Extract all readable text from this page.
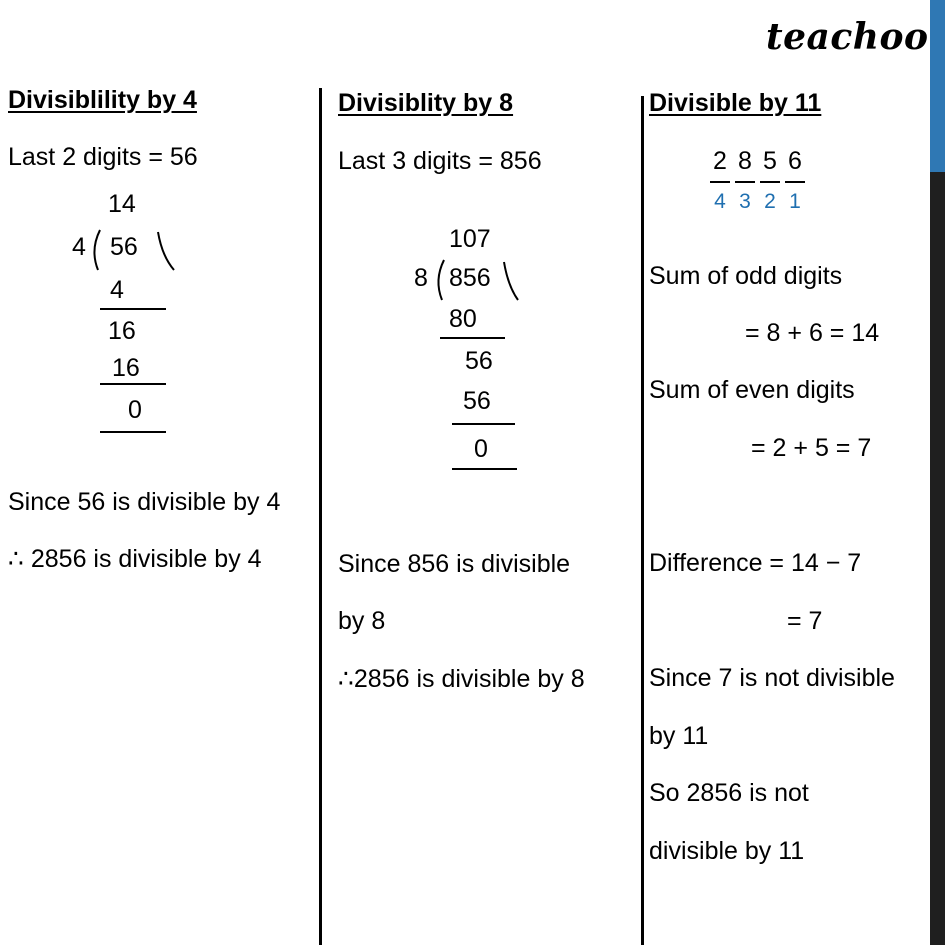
teachoo
Divisiblility by 4
Last 2 digits = 56
14
4 56
4
16
16
0
Since 56 is divisible by 4
∴ 2856 is divisible by 4
Divisiblity by 8
Last 3 digits = 856
107
8 856
80
56
56
0
Since 856 is divisible
by 8
∴2856 is divisible by 8
Divisible by 11
2 8 5 6
4 3 2 1
Sum of odd digits
= 8 + 6 = 14
Sum of even digits
= 2 + 5 = 7
Difference = 14 − 7
= 7
Since 7 is not divisible
by 11
So 2856 is not
divisible by 11
